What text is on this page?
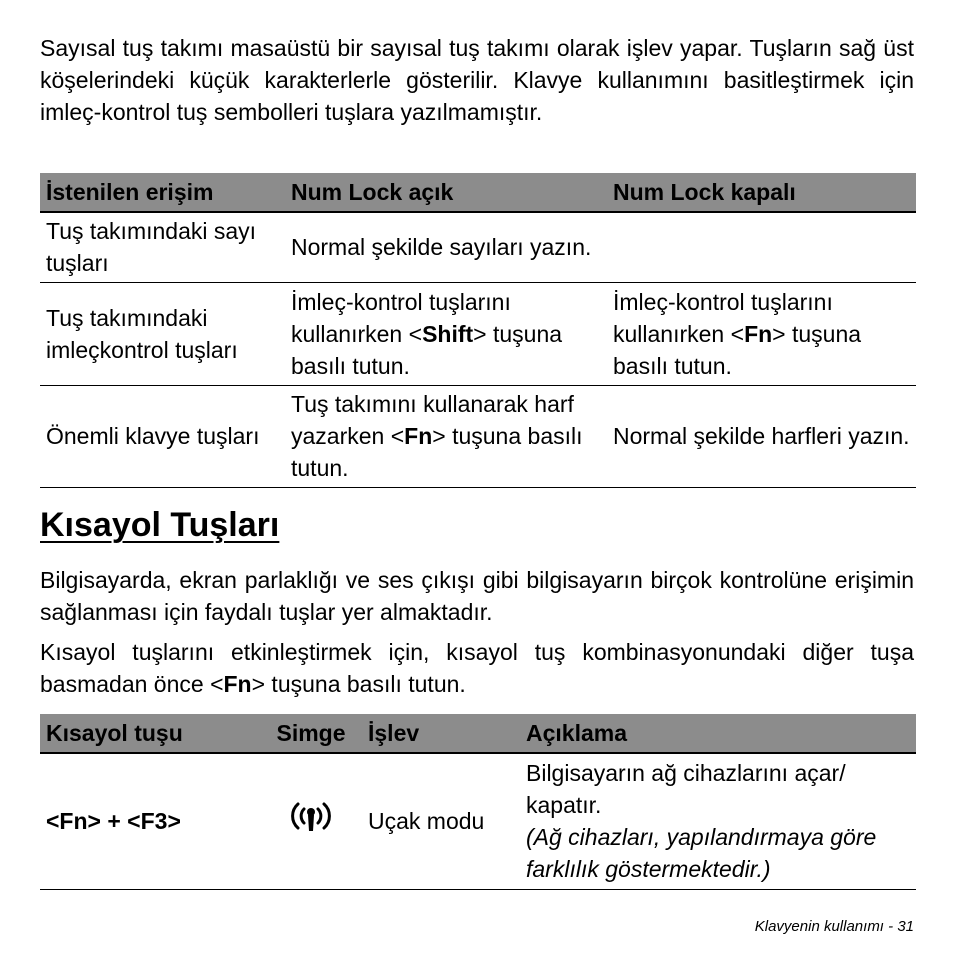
Sayısal tuş takımı masaüstü bir sayısal tuş takımı olarak işlev yapar. Tuşların sağ üst köşelerindeki küçük karakterlerle gösterilir. Klavye kullanımını basitleştirmek için imleç-kontrol tuş sembolleri tuşlara yazılmamıştır.

İstenilen erişim	Num Lock açık	Num Lock kapalı
Tuş takımındaki sayı tuşları	Normal şekilde sayıları yazın.	
Tuş takımındaki imleçkontrol tuşları	İmleç-kontrol tuşlarını kullanırken <Shift> tuşuna basılı tutun.	İmleç-kontrol tuşlarını kullanırken <Fn> tuşuna basılı tutun.
Önemli klavye tuşları	Tuş takımını kullanarak harf yazarken <Fn> tuşuna basılı tutun.	Normal şekilde harfleri yazın.
Kısayol Tuşları

Bilgisayarda, ekran parlaklığı ve ses çıkışı gibi bilgisayarın birçok kontrolüne erişimin sağlanması için faydalı tuşlar yer almaktadır.

Kısayol tuşlarını etkinleştirmek için, kısayol tuş kombinasyonundaki diğer tuşa basmadan önce <Fn> tuşuna basılı tutun.

Kısayol tuşu	Simge	İşlev	Açıklama
<Fn> + <F3>		Uçak modu	Bilgisayarın ağ cihazlarını açar/ kapatır.
(Ağ cihazları, yapılandırmaya göre farklılık göstermektedir.)
Klavyenin kullanımı - 31
